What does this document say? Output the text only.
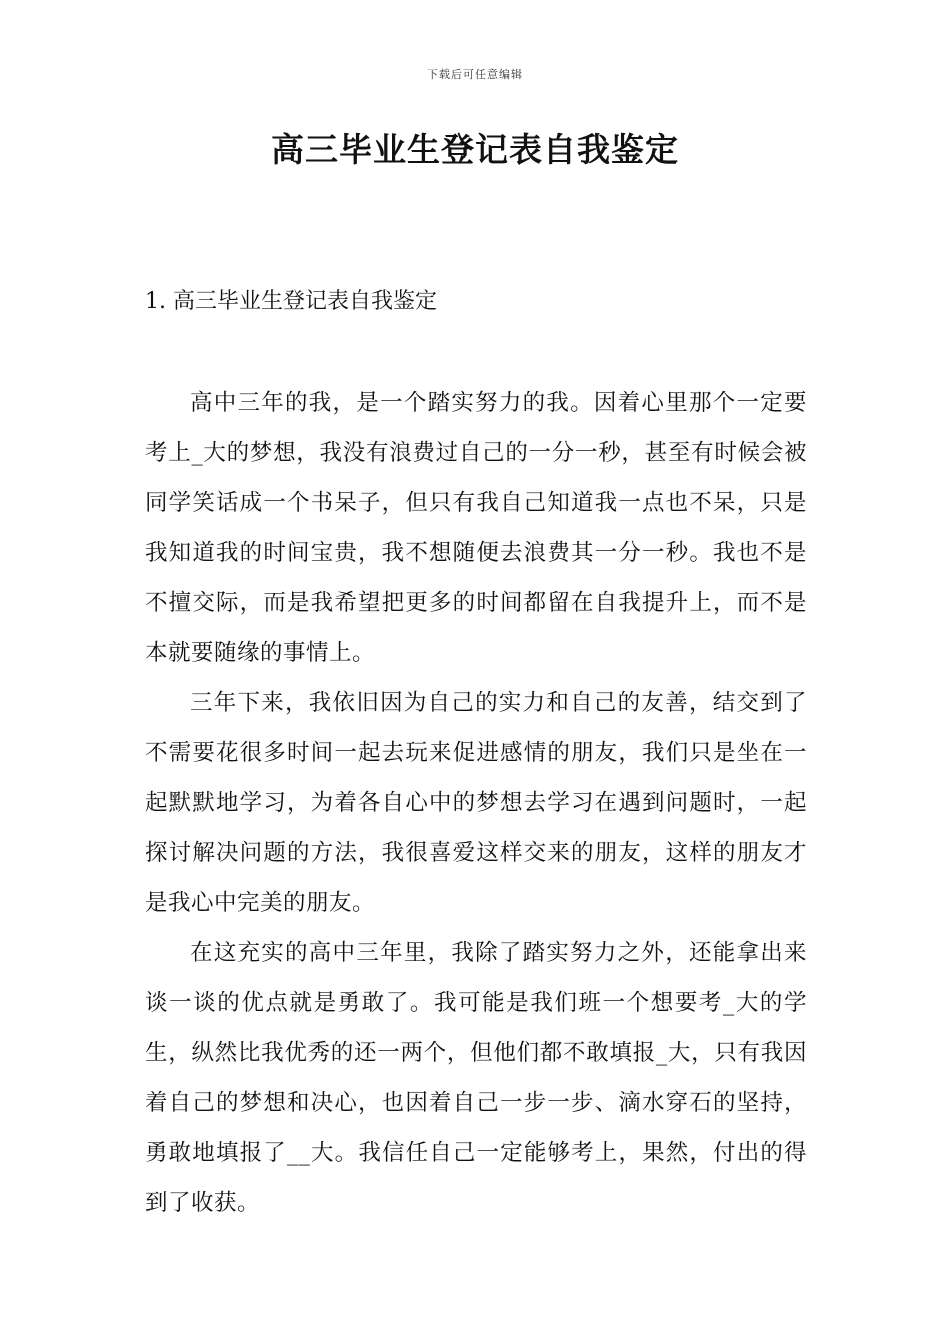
下载后可任意编辑
高三毕业生登记表自我鉴定
1. 高三毕业生登记表自我鉴定

高中三年的我，是一个踏实努力的我。因着心里那个一定要考上_大的梦想，我没有浪费过自己的一分一秒，甚至有时候会被同学笑话成一个书呆子，但只有我自己知道我一点也不呆，只是我知道我的时间宝贵，我不想随便去浪费其一分一秒。我也不是不擅交际，而是我希望把更多的时间都留在自我提升上，而不是本就要随缘的事情上。

三年下来，我依旧因为自己的实力和自己的友善，结交到了不需要花很多时间一起去玩来促进感情的朋友，我们只是坐在一起默默地学习，为着各自心中的梦想去学习在遇到问题时，一起探讨解决问题的方法，我很喜爱这样交来的朋友，这样的朋友才是我心中完美的朋友。

在这充实的高中三年里，我除了踏实努力之外，还能拿出来谈一谈的优点就是勇敢了。我可能是我们班一个想要考_大的学生，纵然比我优秀的还一两个，但他们都不敢填报_大，只有我因着自己的梦想和决心，也因着自己一步一步、滴水穿石的坚持，勇敢地填报了__大。我信任自己一定能够考上，果然，付出的得到了收获。
